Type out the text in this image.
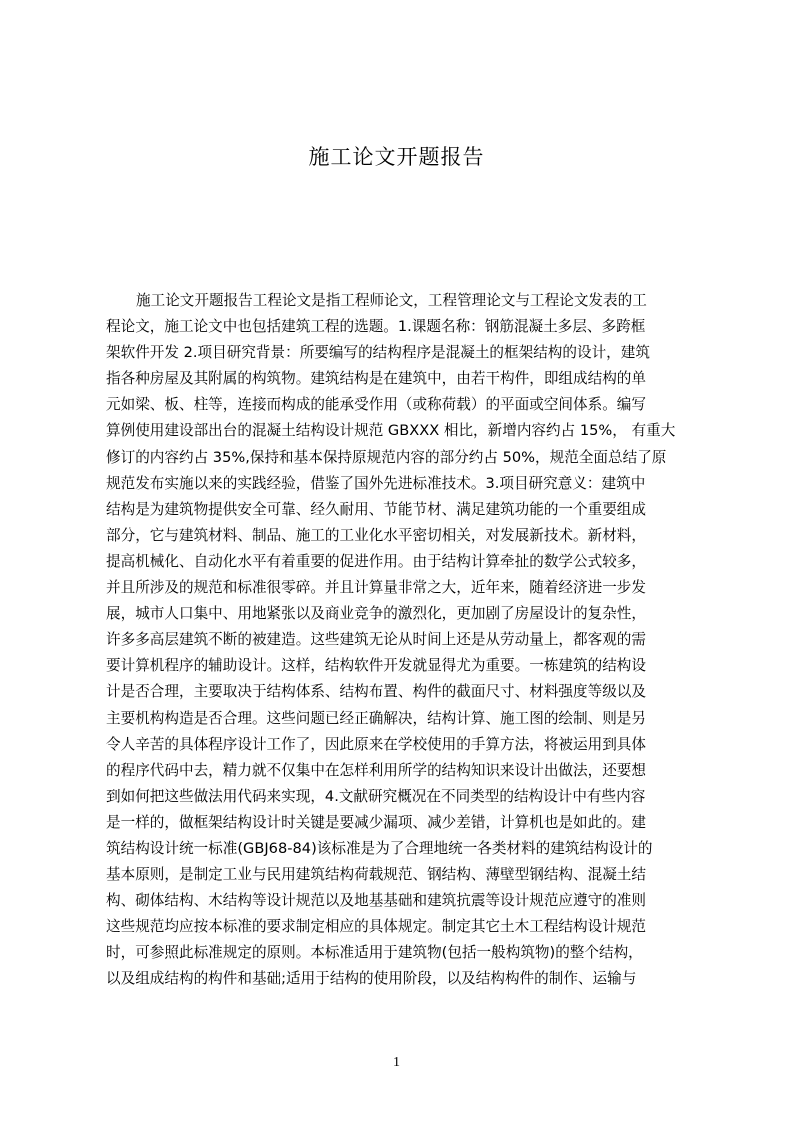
施工论文开题报告
施工论文开题报告工程论文是指工程师论文，工程管理论文与工程论文发表的工
程论文，施工论文中也包括建筑工程的选题。1.课题名称：钢筋混凝土多层、多跨框
架软件开发 2.项目研究背景：所要编写的结构程序是混凝土的框架结构的设计，建筑
指各种房屋及其附属的构筑物。建筑结构是在建筑中，由若干构件，即组成结构的单
元如梁、板、柱等，连接而构成的能承受作用（或称荷载）的平面或空间体系。编写
算例使用建设部出台的混凝土结构设计规范 GBXXX 相比，新增内容约占 15%， 有重大
修订的内容约占 35%,保持和基本保持原规范内容的部分约占 50%，规范全面总结了原
规范发布实施以来的实践经验，借鉴了国外先进标准技术。3.项目研究意义：建筑中
结构是为建筑物提供安全可靠、经久耐用、节能节材、满足建筑功能的一个重要组成
部分，它与建筑材料、制品、施工的工业化水平密切相关，对发展新技术。新材料，
提高机械化、自动化水平有着重要的促进作用。由于结构计算牵扯的数学公式较多，
并且所涉及的规范和标准很零碎。并且计算量非常之大，近年来，随着经济进一步发
展，城市人口集中、用地紧张以及商业竞争的激烈化，更加剧了房屋设计的复杂性，
许多多高层建筑不断的被建造。这些建筑无论从时间上还是从劳动量上，都客观的需
要计算机程序的辅助设计。这样，结构软件开发就显得尤为重要。一栋建筑的结构设
计是否合理，主要取决于结构体系、结构布置、构件的截面尺寸、材料强度等级以及
主要机构构造是否合理。这些问题已经正确解决，结构计算、施工图的绘制、则是另
令人辛苦的具体程序设计工作了，因此原来在学校使用的手算方法，将被运用到具体
的程序代码中去，精力就不仅集中在怎样利用所学的结构知识来设计出做法，还要想
到如何把这些做法用代码来实现，4.文献研究概况在不同类型的结构设计中有些内容
是一样的，做框架结构设计时关键是要减少漏项、减少差错，计算机也是如此的。建
筑结构设计统一标准(GBJ68-84)该标准是为了合理地统一各类材料的建筑结构设计的
基本原则，是制定工业与民用建筑结构荷载规范、钢结构、薄壁型钢结构、混凝土结
构、砌体结构、木结构等设计规范以及地基基础和建筑抗震等设计规范应遵守的准则
这些规范均应按本标准的要求制定相应的具体规定。制定其它土木工程结构设计规范
时，可参照此标准规定的原则。本标准适用于建筑物(包括一般构筑物)的整个结构，
以及组成结构的构件和基础;适用于结构的使用阶段，以及结构构件的制作、运输与
1
